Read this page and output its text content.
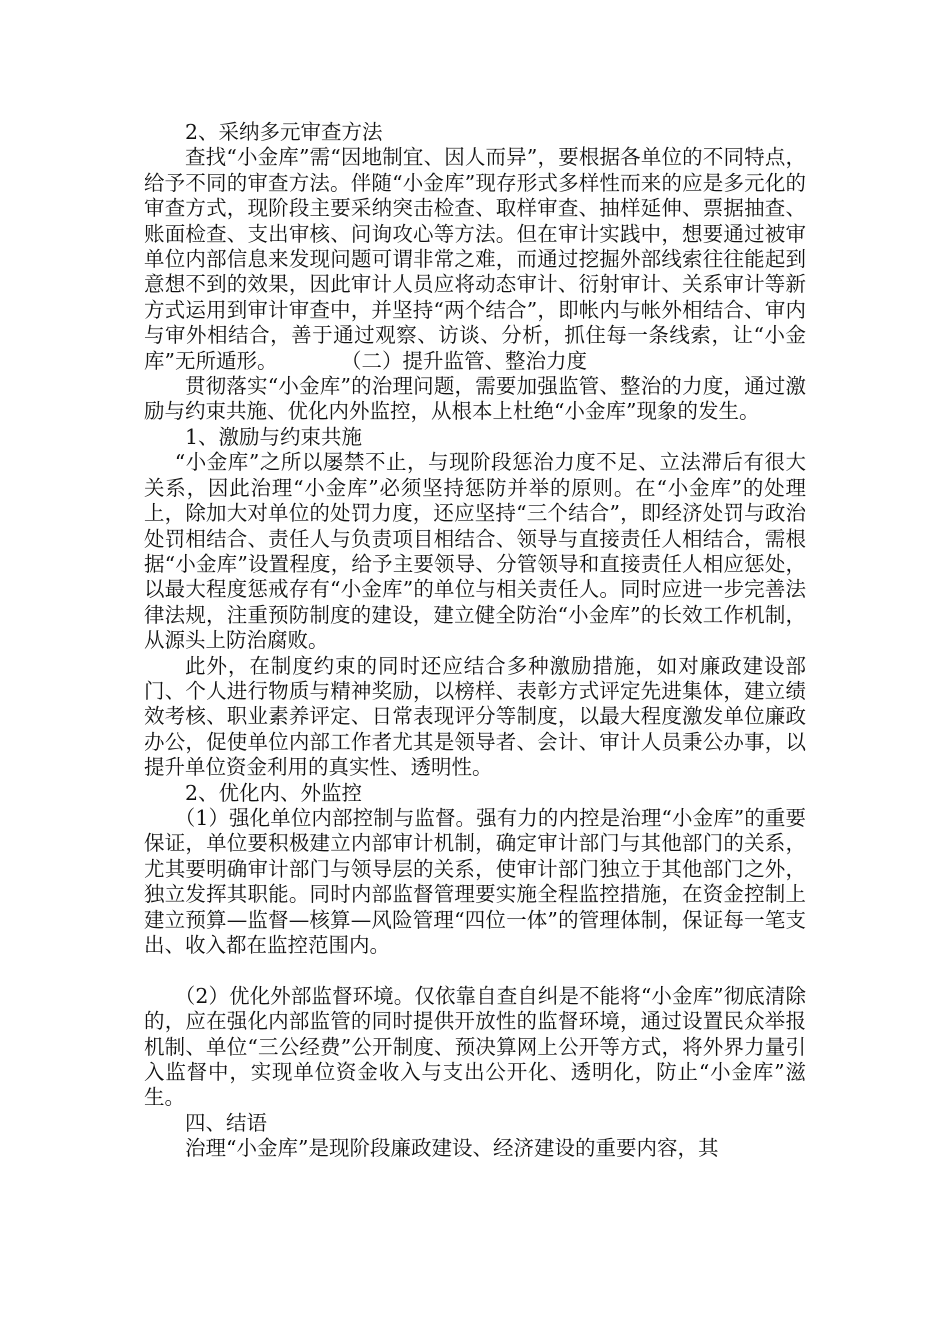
2、采纳多元审查方法

查找“小金库”需“因地制宜、因人而异”，要根据各单位的不同特点，给予不同的审查方法。伴随“小金库”现存形式多样性而来的应是多元化的审查方式，现阶段主要采纳突击检查、取样审查、抽样延伸、票据抽查、账面检查、支出审核、问询攻心等方法。但在审计实践中，想要通过被审单位内部信息来发现问题可谓非常之难，而通过挖掘外部线索往往能起到意想不到的效果，因此审计人员应将动态审计、衍射审计、关系审计等新方式运用到审计审查中，并坚持“两个结合”，即帐内与帐外相结合、审内与审外相结合，善于通过观察、访谈、分析，抓住每一条线索，让“小金库”无所遁形。	（二）提升监管、整治力度

贯彻落实“小金库”的治理问题，需要加强监管、整治的力度，通过激励与约束共施、优化内外监控，从根本上杜绝“小金库”现象的发生。

1、激励与约束共施

“小金库”之所以屡禁不止，与现阶段惩治力度不足、立法滞后有很大关系，因此治理“小金库”必须坚持惩防并举的原则。在“小金库”的处理上，除加大对单位的处罚力度，还应坚持“三个结合”，即经济处罚与政治处罚相结合、责任人与负责项目相结合、领导与直接责任人相结合，需根据“小金库”设置程度，给予主要领导、分管领导和直接责任人相应惩处，以最大程度惩戒存有“小金库”的单位与相关责任人。同时应进一步完善法律法规，注重预防制度的建设，建立健全防治“小金库”的长效工作机制，从源头上防治腐败。

此外，在制度约束的同时还应结合多种激励措施，如对廉政建设部门、个人进行物质与精神奖励，以榜样、表彰方式评定先进集体，建立绩效考核、职业素养评定、日常表现评分等制度，以最大程度激发单位廉政办公，促使单位内部工作者尤其是领导者、会计、审计人员秉公办事，以提升单位资金利用的真实性、透明性。

2、优化内、外监控

（1）强化单位内部控制与监督。强有力的内控是治理“小金库”的重要保证，单位要积极建立内部审计机制，确定审计部门与其他部门的关系，尤其要明确审计部门与领导层的关系，使审计部门独立于其他部门之外，独立发挥其职能。同时内部监督管理要实施全程监控措施，在资金控制上建立预算—监督—核算—风险管理“四位一体”的管理体制，保证每一笔支出、收入都在监控范围内。

（2）优化外部监督环境。仅依靠自查自纠是不能将“小金库”彻底清除的，应在强化内部监管的同时提供开放性的监督环境，通过设置民众举报机制、单位“三公经费”公开制度、预决算网上公开等方式，将外界力量引入监督中，实现单位资金收入与支出公开化、透明化，防止“小金库”滋生。

四、结语

治理“小金库”是现阶段廉政建设、经济建设的重要内容，其
